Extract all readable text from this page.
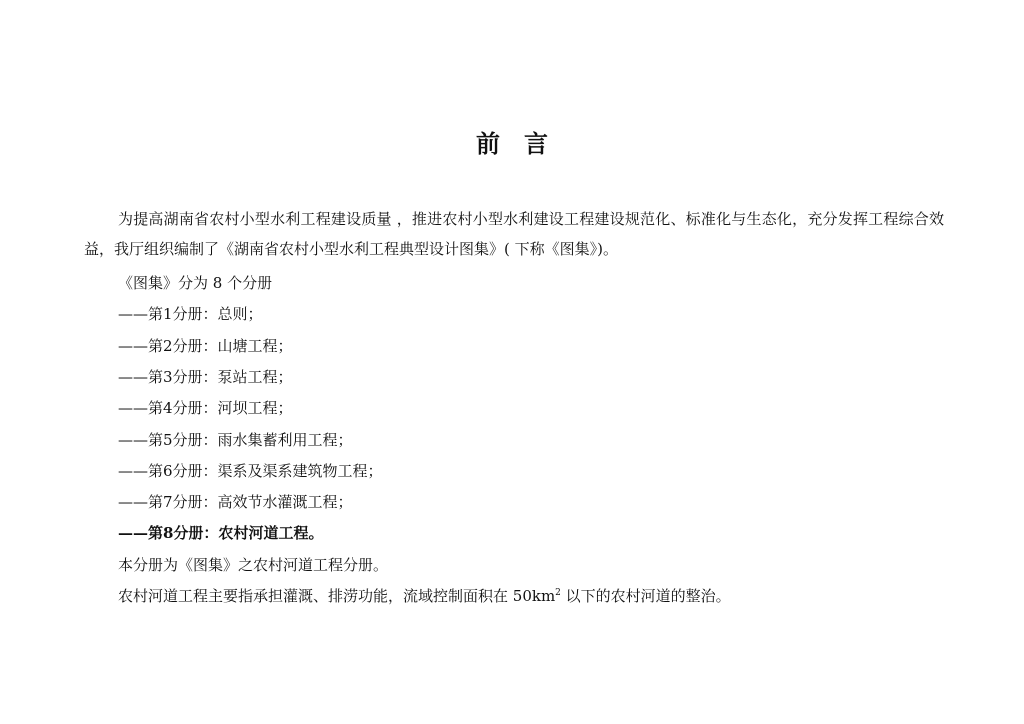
前 言
为提高湖南省农村小型水利工程建设质量 ，推进农村小型水利建设工程建设规范化、标准化与生态化，充分发挥工程综合效益，我厅组织编制了《湖南省农村小型水利工程典型设计图集》( 下称《图集》)。
《图集》分为 8 个分册
——第1分册：总则；
——第2分册：山塘工程；
——第3分册：泵站工程；
——第4分册：河坝工程；
——第5分册：雨水集蓄利用工程；
——第6分册：渠系及渠系建筑物工程；
——第7分册：高效节水灌溉工程；
——第8分册：农村河道工程。
本分册为《图集》之农村河道工程分册。
农村河道工程主要指承担灌溉、排涝功能，流域控制面积在 $50km^2$ 以下的农村河道的整治。
